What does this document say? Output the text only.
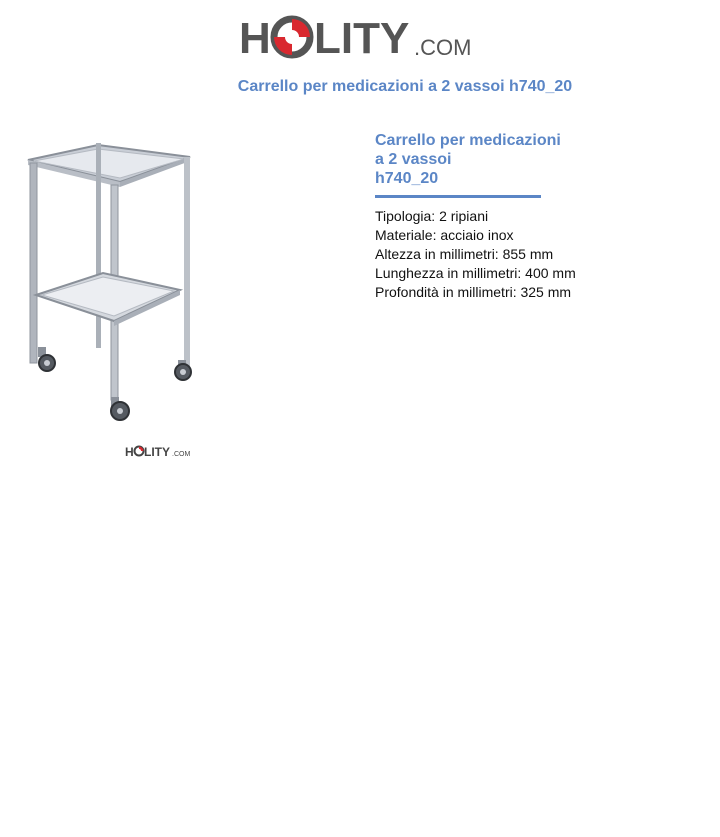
H LITY .COM
Carrello per medicazioni a 2 vassoi h740_20
H LITY .COM
Carrello per medicazioni
a 2 vassoi
h740_20
Tipologia: 2 ripiani
Materiale: acciaio inox
Altezza in millimetri: 855 mm
Lunghezza in millimetri: 400 mm
Profondità in millimetri: 325 mm
